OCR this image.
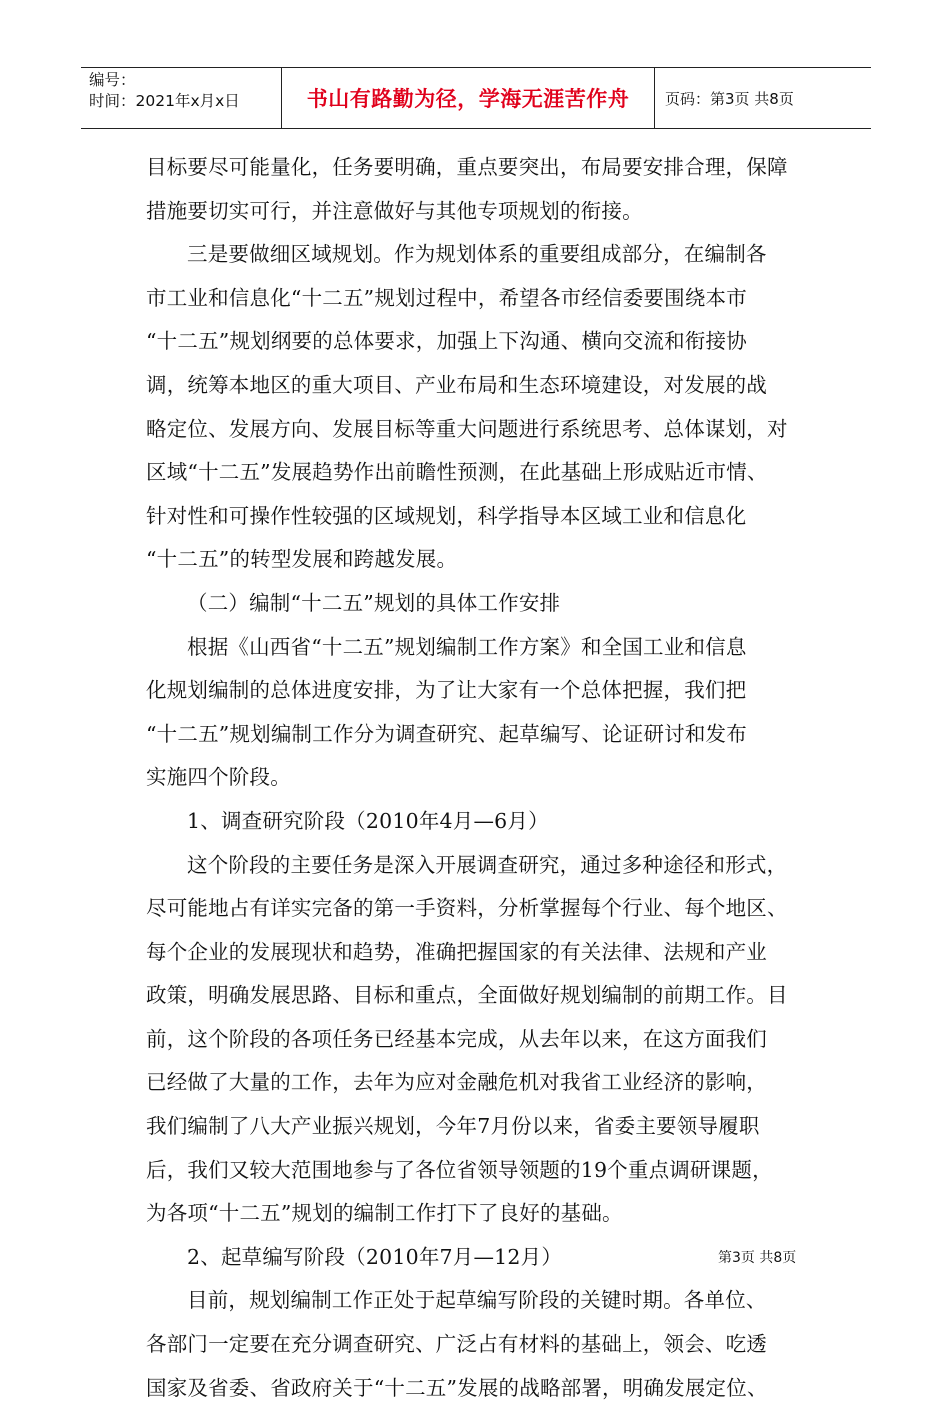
编号：
时间：2021年x月x日	书山有路勤为径，学海无涯苦作舟	页码：第3页 共8页

目标要尽可能量化，任务要明确，重点要突出，布局要安排合理，保障
措施要切实可行，并注意做好与其他专项规划的衔接。

三是要做细区域规划。作为规划体系的重要组成部分，在编制各
市工业和信息化“十二五”规划过程中，希望各市经信委要围绕本市
“十二五”规划纲要的总体要求，加强上下沟通、横向交流和衔接协
调，统筹本地区的重大项目、产业布局和生态环境建设，对发展的战
略定位、发展方向、发展目标等重大问题进行系统思考、总体谋划，对
区域“十二五”发展趋势作出前瞻性预测，在此基础上形成贴近市情、
针对性和可操作性较强的区域规划，科学指导本区域工业和信息化
“十二五”的转型发展和跨越发展。

（二）编制“十二五”规划的具体工作安排

根据《山西省“十二五”规划编制工作方案》和全国工业和信息
化规划编制的总体进度安排，为了让大家有一个总体把握，我们把
“十二五”规划编制工作分为调查研究、起草编写、论证研讨和发布
实施四个阶段。

1、调查研究阶段（2010年4月—6月）

这个阶段的主要任务是深入开展调查研究，通过多种途径和形式，
尽可能地占有详实完备的第一手资料，分析掌握每个行业、每个地区、
每个企业的发展现状和趋势，准确把握国家的有关法律、法规和产业
政策，明确发展思路、目标和重点，全面做好规划编制的前期工作。目
前，这个阶段的各项任务已经基本完成，从去年以来，在这方面我们
已经做了大量的工作，去年为应对金融危机对我省工业经济的影响，
我们编制了八大产业振兴规划，今年7月份以来，省委主要领导履职
后，我们又较大范围地参与了各位省领导领题的19个重点调研课题，
为各项“十二五”规划的编制工作打下了良好的基础。

2、起草编写阶段（2010年7月—12月）

目前，规划编制工作正处于起草编写阶段的关键时期。各单位、
各部门一定要在充分调查研究、广泛占有材料的基础上，领会、吃透
国家及省委、省政府关于“十二五”发展的战略部署，明确发展定位、

第3页 共8页
